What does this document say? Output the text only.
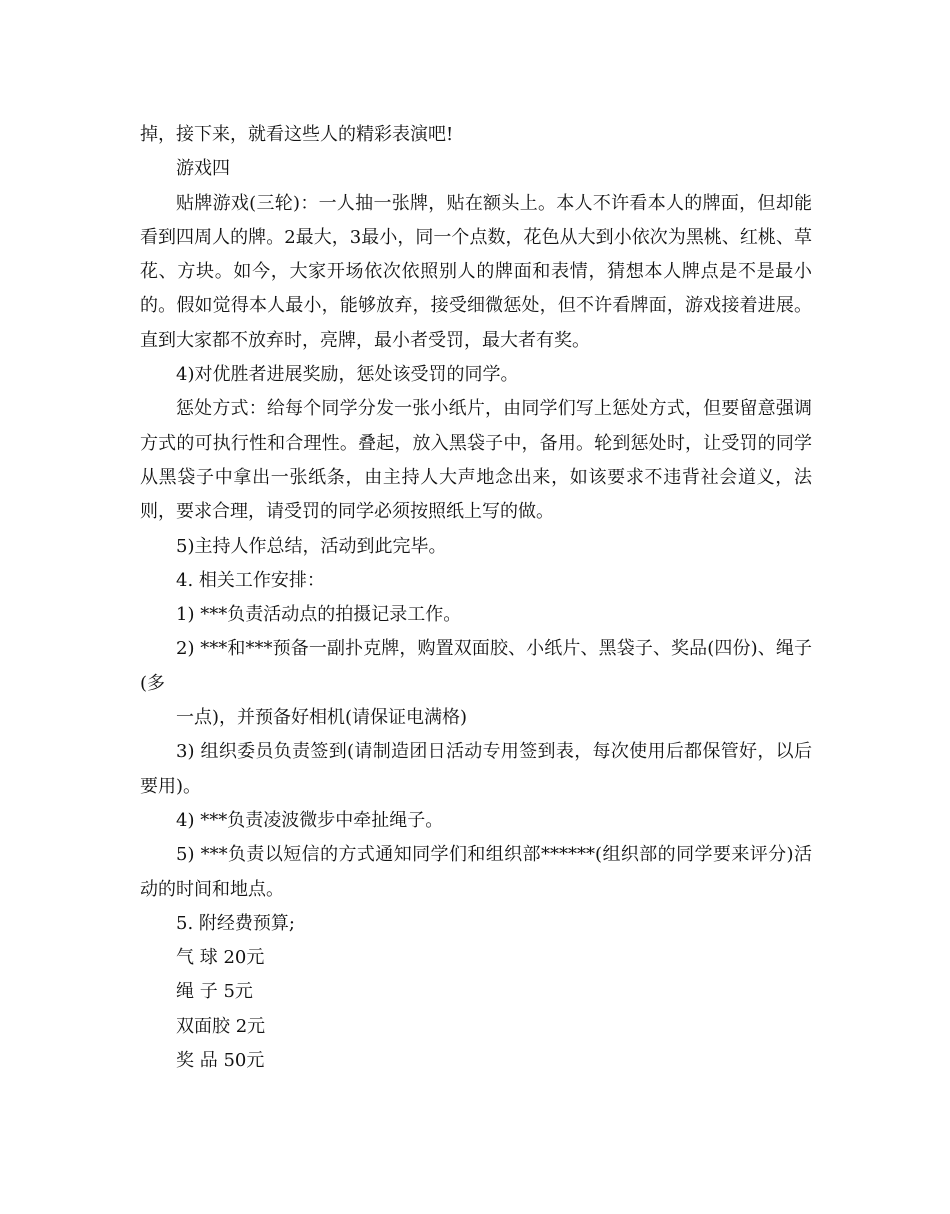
掉，接下来，就看这些人的精彩表演吧!

游戏四

贴牌游戏(三轮)：一人抽一张牌，贴在额头上。本人不许看本人的牌面，但却能看到四周人的牌。2最大，3最小，同一个点数，花色从大到小依次为黑桃、红桃、草花、方块。如今，大家开场依次依照别人的牌面和表情，猜想本人牌点是不是最小的。假如觉得本人最小，能够放弃，接受细微惩处，但不许看牌面，游戏接着进展。直到大家都不放弃时，亮牌，最小者受罚，最大者有奖。

4)对优胜者进展奖励，惩处该受罚的同学。

惩处方式：给每个同学分发一张小纸片，由同学们写上惩处方式，但要留意强调方式的可执行性和合理性。叠起，放入黑袋子中，备用。轮到惩处时，让受罚的同学从黑袋子中拿出一张纸条，由主持人大声地念出来，如该要求不违背社会道义，法则，要求合理，请受罚的同学必须按照纸上写的做。

5)主持人作总结，活动到此完毕。

4. 相关工作安排：

1) ***负责活动点的拍摄记录工作。

2) ***和***预备一副扑克牌，购置双面胶、小纸片、黑袋子、奖品(四份)、绳子(多

一点)，并预备好相机(请保证电满格)

3) 组织委员负责签到(请制造团日活动专用签到表，每次使用后都保管好，以后要用)。

4) ***负责凌波微步中牵扯绳子。

5) ***负责以短信的方式通知同学们和组织部******(组织部的同学要来评分)活动的时间和地点。

5. 附经费预算;

气 球 20元

绳 子 5元

双面胶 2元

奖 品 50元
